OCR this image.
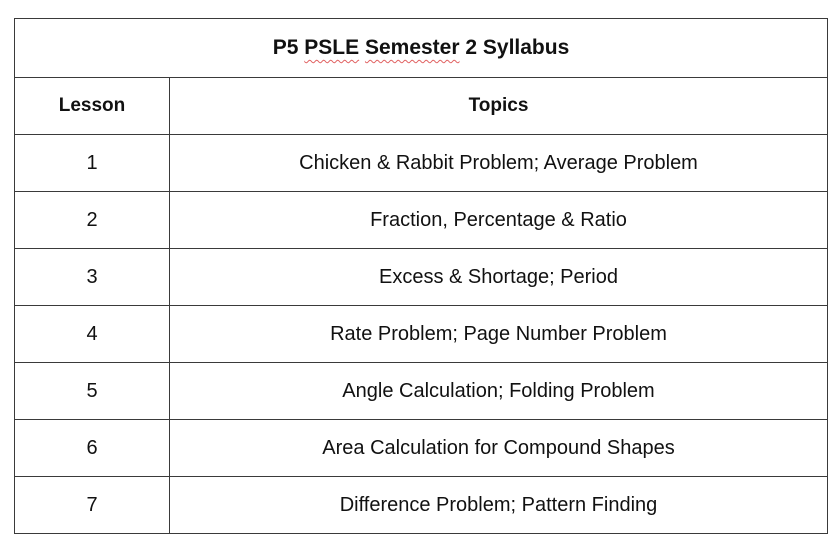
P5 PSLE Semester 2 Syllabus	
Lesson	Topics
1	Chicken & Rabbit Problem; Average Problem
2	Fraction, Percentage & Ratio
3	Excess & Shortage; Period
4	Rate Problem; Page Number Problem
5	Angle Calculation; Folding Problem
6	Area Calculation for Compound Shapes
7	Difference Problem; Pattern Finding
